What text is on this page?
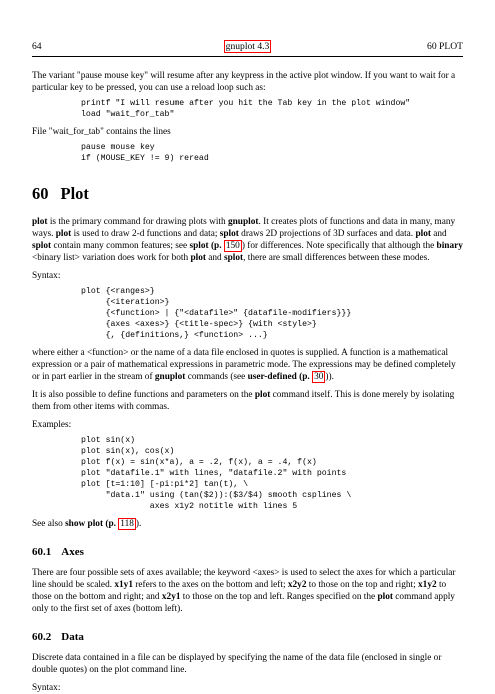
64	gnuplot 4.3	60 PLOT

The variant "pause mouse key" will resume after any keypress in the active plot window. If you want to wait for a particular key to be pressed, you can use a reload loop such as:

printf "I will resume after you hit the Tab key in the plot window"
load "wait_for_tab"

File "wait_for_tab" contains the lines

pause mouse key
if (MOUSE_KEY != 9) reread
60 Plot

plot is the primary command for drawing plots with gnuplot. It creates plots of functions and data in many, many ways. plot is used to draw 2-d functions and data; splot draws 2D projections of 3D surfaces and data. plot and splot contain many common features; see splot (p. 150 ) for differences. Note specifically that although the binary <binary list> variation does work for both plot and splot, there are small differences between these modes.

Syntax:

plot {<ranges>}
{<iteration>}
{<function> | {"<datafile>" {datafile-modifiers}}}
{axes <axes>} {<title-spec>} {with <style>}
{, {definitions,} <function> ...}

where either a <function> or the name of a data file enclosed in quotes is supplied. A function is a mathematical expression or a pair of mathematical expressions in parametric mode. The expressions may be defined completely or in part earlier in the stream of gnuplot commands (see user-defined (p. 30 )).

It is also possible to define functions and parameters on the plot command itself. This is done merely by isolating them from other items with commas.

Examples:

plot sin(x)
plot sin(x), cos(x)
plot f(x) = sin(x*a), a = .2, f(x), a = .4, f(x)
plot "datafile.1" with lines, "datafile.2" with points
plot [t=1:10] [-pi:pi*2] tan(t), \
"data.1" using (tan($2)):($3/$4) smooth csplines \
axes x1y2 notitle with lines 5

See also show plot (p. 118 ).

60.1 Axes

There are four possible sets of axes available; the keyword <axes> is used to select the axes for which a particular line should be scaled. x1y1 refers to the axes on the bottom and left; x2y2 to those on the top and right; x1y2 to those on the bottom and right; and x2y1 to those on the top and left. Ranges specified on the plot command apply only to the first set of axes (bottom left).

60.2 Data

Discrete data contained in a file can be displayed by specifying the name of the data file (enclosed in single or double quotes) on the plot command line.

Syntax:
